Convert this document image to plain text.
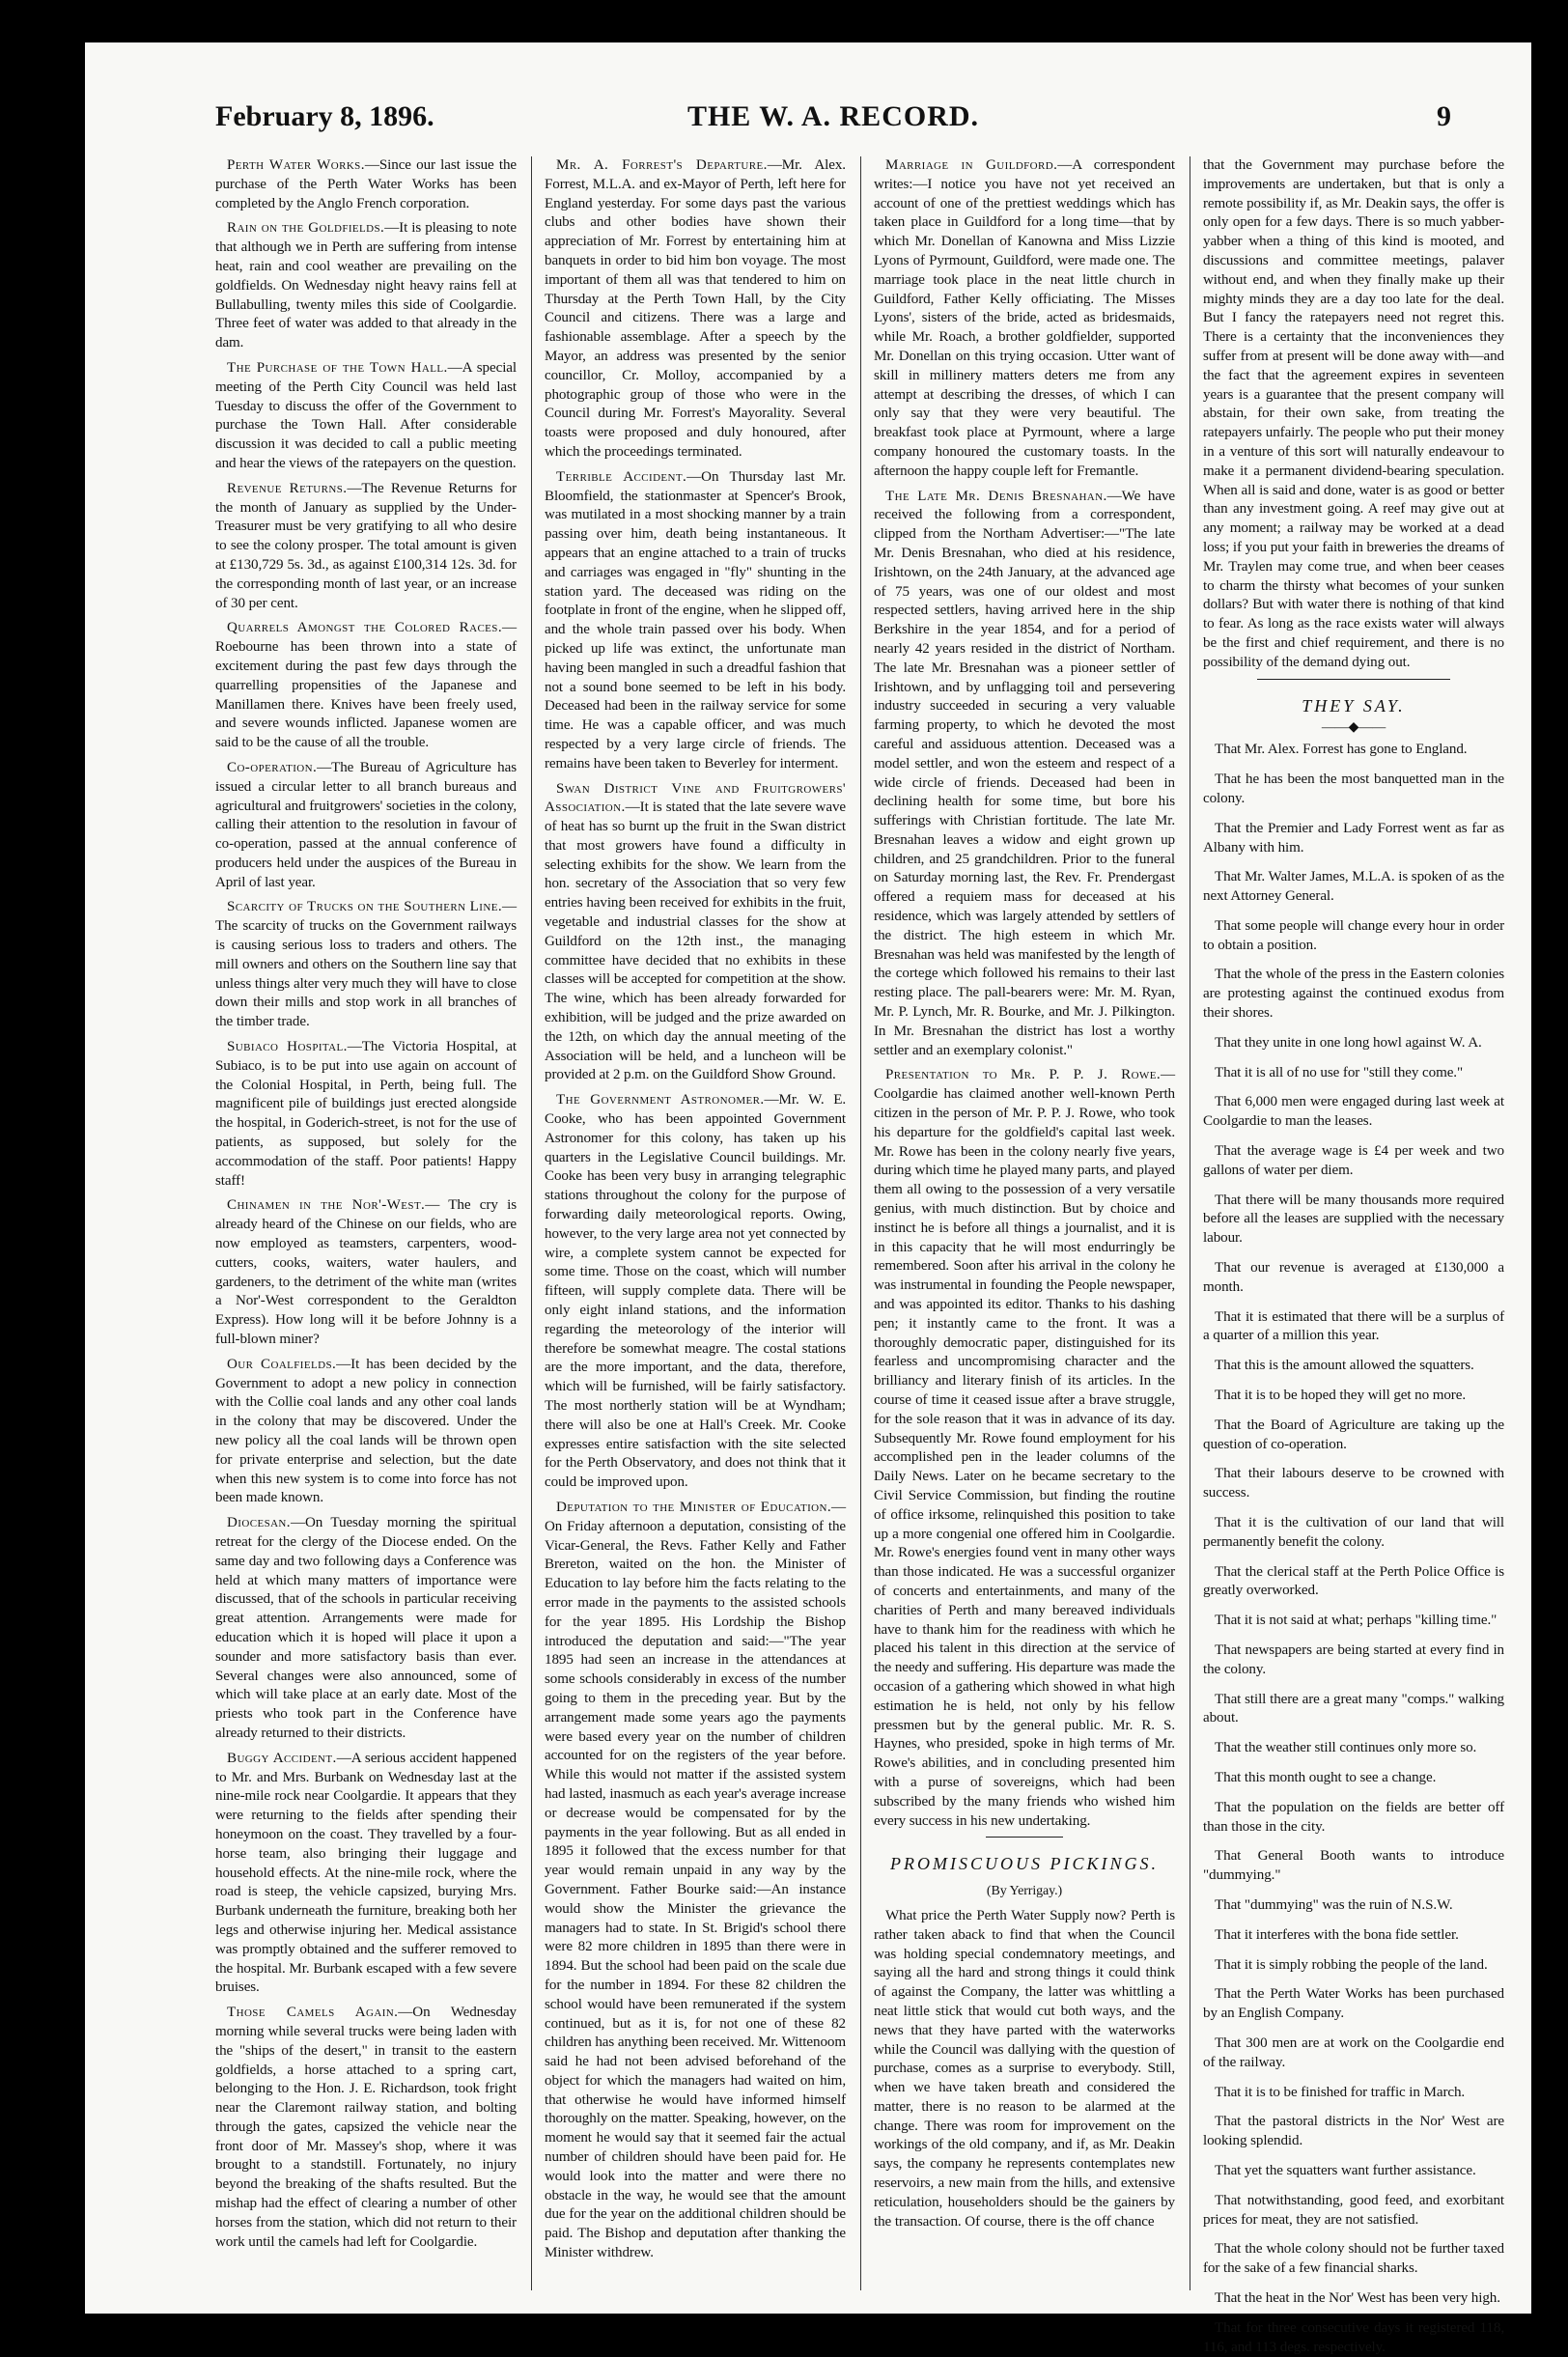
THE W. A. RECORD.
February 8, 1896.	9

Perth Water Works.—Since our last issue the purchase of the Perth Water Works has been completed by the Anglo French corporation.

Rain on the Goldfields.—It is pleasing to note that although we in Perth are suffering from intense heat, rain and cool weather are prevailing on the goldfields. On Wednesday night heavy rains fell at Bullabulling, twenty miles this side of Coolgardie. Three feet of water was added to that already in the dam.

The Purchase of the Town Hall.—A special meeting of the Perth City Council was held last Tuesday to discuss the offer of the Government to purchase the Town Hall. After considerable discussion it was decided to call a public meeting and hear the views of the ratepayers on the question.

Revenue Returns.—The Revenue Returns for the month of January as supplied by the Under-Treasurer must be very gratifying to all who desire to see the colony prosper. The total amount is given at £130,729 5s. 3d., as against £100,314 12s. 3d. for the corresponding month of last year, or an increase of 30 per cent.

Quarrels Amongst the Colored Races.—Roebourne has been thrown into a state of excitement during the past few days through the quarrelling propensities of the Japanese and Manillamen there. Knives have been freely used, and severe wounds inflicted. Japanese women are said to be the cause of all the trouble.

Co-operation.—The Bureau of Agriculture has issued a circular letter to all branch bureaus and agricultural and fruitgrowers' societies in the colony, calling their attention to the resolution in favour of co-operation, passed at the annual conference of producers held under the auspices of the Bureau in April of last year.

Scarcity of Trucks on the Southern Line.—The scarcity of trucks on the Government railways is causing serious loss to traders and others. The mill owners and others on the Southern line say that unless things alter very much they will have to close down their mills and stop work in all branches of the timber trade.

Subiaco Hospital.—The Victoria Hospital, at Subiaco, is to be put into use again on account of the Colonial Hospital, in Perth, being full. The magnificent pile of buildings just erected alongside the hospital, in Goderich-street, is not for the use of patients, as supposed, but solely for the accommodation of the staff. Poor patients! Happy staff!

Chinamen in the Nor'-West.— The cry is already heard of the Chinese on our fields, who are now employed as teamsters, carpenters, wood-cutters, cooks, waiters, water haulers, and gardeners, to the detriment of the white man (writes a Nor'-West correspondent to the Geraldton Express). How long will it be before Johnny is a full-blown miner?

Our Coalfields.—It has been decided by the Government to adopt a new policy in connection with the Collie coal lands and any other coal lands in the colony that may be discovered. Under the new policy all the coal lands will be thrown open for private enterprise and selection, but the date when this new system is to come into force has not been made known.

Diocesan.—On Tuesday morning the spiritual retreat for the clergy of the Diocese ended. On the same day and two following days a Conference was held at which many matters of importance were discussed, that of the schools in particular receiving great attention. Arrangements were made for education which it is hoped will place it upon a sounder and more satisfactory basis than ever. Several changes were also announced, some of which will take place at an early date. Most of the priests who took part in the Conference have already returned to their districts.

Buggy Accident.—A serious accident happened to Mr. and Mrs. Burbank on Wednesday last at the nine-mile rock near Coolgardie. It appears that they were returning to the fields after spending their honeymoon on the coast. They travelled by a four-horse team, also bringing their luggage and household effects. At the nine-mile rock, where the road is steep, the vehicle capsized, burying Mrs. Burbank underneath the furniture, breaking both her legs and otherwise injuring her. Medical assistance was promptly obtained and the sufferer removed to the hospital. Mr. Burbank escaped with a few severe bruises.

Those Camels Again.—On Wednesday morning while several trucks were being laden with the "ships of the desert," in transit to the eastern goldfields, a horse attached to a spring cart, belonging to the Hon. J. E. Richardson, took fright near the Claremont railway station, and bolting through the gates, capsized the vehicle near the front door of Mr. Massey's shop, where it was brought to a standstill. Fortunately, no injury beyond the breaking of the shafts resulted. But the mishap had the effect of clearing a number of other horses from the station, which did not return to their work until the camels had left for Coolgardie.

Mr. A. Forrest's Departure.—Mr. Alex. Forrest, M.L.A. and ex-Mayor of Perth, left here for England yesterday. For some days past the various clubs and other bodies have shown their appreciation of Mr. Forrest by entertaining him at banquets in order to bid him bon voyage. The most important of them all was that tendered to him on Thursday at the Perth Town Hall, by the City Council and citizens. There was a large and fashionable assemblage. After a speech by the Mayor, an address was presented by the senior councillor, Cr. Molloy, accompanied by a photographic group of those who were in the Council during Mr. Forrest's Mayorality. Several toasts were proposed and duly honoured, after which the proceedings terminated.

Terrible Accident.—On Thursday last Mr. Bloomfield, the stationmaster at Spencer's Brook, was mutilated in a most shocking manner by a train passing over him, death being instantaneous. It appears that an engine attached to a train of trucks and carriages was engaged in "fly" shunting in the station yard. The deceased was riding on the footplate in front of the engine, when he slipped off, and the whole train passed over his body. When picked up life was extinct, the unfortunate man having been mangled in such a dreadful fashion that not a sound bone seemed to be left in his body. Deceased had been in the railway service for some time. He was a capable officer, and was much respected by a very large circle of friends. The remains have been taken to Beverley for interment.

Swan District Vine and Fruitgrowers' Association.—It is stated that the late severe wave of heat has so burnt up the fruit in the Swan district that most growers have found a difficulty in selecting exhibits for the show. We learn from the hon. secretary of the Association that so very few entries having been received for exhibits in the fruit, vegetable and industrial classes for the show at Guildford on the 12th inst., the managing committee have decided that no exhibits in these classes will be accepted for competition at the show. The wine, which has been already forwarded for exhibition, will be judged and the prize awarded on the 12th, on which day the annual meeting of the Association will be held, and a luncheon will be provided at 2 p.m. on the Guildford Show Ground.

The Government Astronomer.—Mr. W. E. Cooke, who has been appointed Government Astronomer for this colony, has taken up his quarters in the Legislative Council buildings. Mr. Cooke has been very busy in arranging telegraphic stations throughout the colony for the purpose of forwarding daily meteorological reports. Owing, however, to the very large area not yet connected by wire, a complete system cannot be expected for some time. Those on the coast, which will number fifteen, will supply complete data. There will be only eight inland stations, and the information regarding the meteorology of the interior will therefore be somewhat meagre. The costal stations are the more important, and the data, therefore, which will be furnished, will be fairly satisfactory. The most northerly station will be at Wyndham; there will also be one at Hall's Creek. Mr. Cooke expresses entire satisfaction with the site selected for the Perth Observatory, and does not think that it could be improved upon.

Deputation to the Minister of Education.—On Friday afternoon a deputation, consisting of the Vicar-General, the Revs. Father Kelly and Father Brereton, waited on the hon. the Minister of Education to lay before him the facts relating to the error made in the payments to the assisted schools for the year 1895. His Lordship the Bishop introduced the deputation and said:—"The year 1895 had seen an increase in the attendances at some schools considerably in excess of the number going to them in the preceding year. But by the arrangement made some years ago the payments were based every year on the number of children accounted for on the registers of the year before. While this would not matter if the assisted system had lasted, inasmuch as each year's average increase or decrease would be compensated for by the payments in the year following. But as all ended in 1895 it followed that the excess number for that year would remain unpaid in any way by the Government. Father Bourke said:—An instance would show the Minister the grievance the managers had to state. In St. Brigid's school there were 82 more children in 1895 than there were in 1894. But the school had been paid on the scale due for the number in 1894. For these 82 children the school would have been remunerated if the system continued, but as it is, for not one of these 82 children has anything been received. Mr. Wittenoom said he had not been advised beforehand of the object for which the managers had waited on him, that otherwise he would have informed himself thoroughly on the matter. Speaking, however, on the moment he would say that it seemed fair the actual number of children should have been paid for. He would look into the matter and were there no obstacle in the way, he would see that the amount due for the year on the additional children should be paid. The Bishop and deputation after thanking the Minister withdrew.

Marriage in Guildford.—A correspondent writes:—I notice you have not yet received an account of one of the prettiest weddings which has taken place in Guildford for a long time—that by which Mr. Donellan of Kanowna and Miss Lizzie Lyons of Pyrmount, Guildford, were made one. The marriage took place in the neat little church in Guildford, Father Kelly officiating. The Misses Lyons', sisters of the bride, acted as bridesmaids, while Mr. Roach, a brother goldfielder, supported Mr. Donellan on this trying occasion. Utter want of skill in millinery matters deters me from any attempt at describing the dresses, of which I can only say that they were very beautiful. The breakfast took place at Pyrmount, where a large company honoured the customary toasts. In the afternoon the happy couple left for Fremantle.

The Late Mr. Denis Bresnahan.—We have received the following from a correspondent, clipped from the Northam Advertiser:—"The late Mr. Denis Bresnahan, who died at his residence, Irishtown, on the 24th January, at the advanced age of 75 years, was one of our oldest and most respected settlers, having arrived here in the ship Berkshire in the year 1854, and for a period of nearly 42 years resided in the district of Northam. The late Mr. Bresnahan was a pioneer settler of Irishtown, and by unflagging toil and persevering industry succeeded in securing a very valuable farming property, to which he devoted the most careful and assiduous attention. Deceased was a model settler, and won the esteem and respect of a wide circle of friends. Deceased had been in declining health for some time, but bore his sufferings with Christian fortitude. The late Mr. Bresnahan leaves a widow and eight grown up children, and 25 grandchildren. Prior to the funeral on Saturday morning last, the Rev. Fr. Prendergast offered a requiem mass for deceased at his residence, which was largely attended by settlers of the district. The high esteem in which Mr. Bresnahan was held was manifested by the length of the cortege which followed his remains to their last resting place. The pall-bearers were: Mr. M. Ryan, Mr. P. Lynch, Mr. R. Bourke, and Mr. J. Pilkington. In Mr. Bresnahan the district has lost a worthy settler and an exemplary colonist."

Presentation to Mr. P. P. J. Rowe.—Coolgardie has claimed another well-known Perth citizen in the person of Mr. P. P. J. Rowe, who took his departure for the goldfield's capital last week. Mr. Rowe has been in the colony nearly five years, during which time he played many parts, and played them all owing to the possession of a very versatile genius, with much distinction. But by choice and instinct he is before all things a journalist, and it is in this capacity that he will most endurringly be remembered. Soon after his arrival in the colony he was instrumental in founding the People newspaper, and was appointed its editor. Thanks to his dashing pen; it instantly came to the front. It was a thoroughly democratic paper, distinguished for its fearless and uncompromising character and the brilliancy and literary finish of its articles. In the course of time it ceased issue after a brave struggle, for the sole reason that it was in advance of its day. Subsequently Mr. Rowe found employment for his accomplished pen in the leader columns of the Daily News. Later on he became secretary to the Civil Service Commission, but finding the routine of office irksome, relinquished this position to take up a more congenial one offered him in Coolgardie. Mr. Rowe's energies found vent in many other ways than those indicated. He was a successful organizer of concerts and entertainments, and many of the charities of Perth and many bereaved individuals have to thank him for the readiness with which he placed his talent in this direction at the service of the needy and suffering. His departure was made the occasion of a gathering which showed in what high estimation he is held, not only by his fellow pressmen but by the general public. Mr. R. S. Haynes, who presided, spoke in high terms of Mr. Rowe's abilities, and in concluding presented him with a purse of sovereigns, which had been subscribed by the many friends who wished him every success in his new undertaking.

PROMISCUOUS PICKINGS.

(By Yerrigay.)

What price the Perth Water Supply now? Perth is rather taken aback to find that when the Council was holding special condemnatory meetings, and saying all the hard and strong things it could think of against the Company, the latter was whittling a neat little stick that would cut both ways, and the news that they have parted with the waterworks while the Council was dallying with the question of purchase, comes as a surprise to everybody. Still, when we have taken breath and considered the matter, there is no reason to be alarmed at the change. There was room for improvement on the workings of the old company, and if, as Mr. Deakin says, the company he represents contemplates new reservoirs, a new main from the hills, and extensive reticulation, householders should be the gainers by the transaction. Of course, there is the off chance

that the Government may purchase before the improvements are undertaken, but that is only a remote possibility if, as Mr. Deakin says, the offer is only open for a few days. There is so much yabber-yabber when a thing of this kind is mooted, and discussions and committee meetings, palaver without end, and when they finally make up their mighty minds they are a day too late for the deal. But I fancy the ratepayers need not regret this. There is a certainty that the inconveniences they suffer from at present will be done away with—and the fact that the agreement expires in seventeen years is a guarantee that the present company will abstain, for their own sake, from treating the ratepayers unfairly. The people who put their money in a venture of this sort will naturally endeavour to make it a permanent dividend-bearing speculation. When all is said and done, water is as good or better than any investment going. A reef may give out at any moment; a railway may be worked at a dead loss; if you put your faith in breweries the dreams of Mr. Traylen may come true, and when beer ceases to charm the thirsty what becomes of your sunken dollars? But with water there is nothing of that kind to fear. As long as the race exists water will always be the first and chief requirement, and there is no possibility of the demand dying out.

THEY SAY.

——◆——

That Mr. Alex. Forrest has gone to England.

That he has been the most banquetted man in the colony.

That the Premier and Lady Forrest went as far as Albany with him.

That Mr. Walter James, M.L.A. is spoken of as the next Attorney General.

That some people will change every hour in order to obtain a position.

That the whole of the press in the Eastern colonies are protesting against the continued exodus from their shores.

That they unite in one long howl against W. A.

That it is all of no use for "still they come."

That 6,000 men were engaged during last week at Coolgardie to man the leases.

That the average wage is £4 per week and two gallons of water per diem.

That there will be many thousands more required before all the leases are supplied with the necessary labour.

That our revenue is averaged at £130,000 a month.

That it is estimated that there will be a surplus of a quarter of a million this year.

That this is the amount allowed the squatters.

That it is to be hoped they will get no more.

That the Board of Agriculture are taking up the question of co-operation.

That their labours deserve to be crowned with success.

That it is the cultivation of our land that will permanently benefit the colony.

That the clerical staff at the Perth Police Office is greatly overworked.

That it is not said at what; perhaps "killing time."

That newspapers are being started at every find in the colony.

That still there are a great many "comps." walking about.

That the weather still continues only more so.

That this month ought to see a change.

That the population on the fields are better off than those in the city.

That General Booth wants to introduce "dummying."

That "dummying" was the ruin of N.S.W.

That it interferes with the bona fide settler.

That it is simply robbing the people of the land.

That the Perth Water Works has been purchased by an English Company.

That 300 men are at work on the Coolgardie end of the railway.

That it is to be finished for traffic in March.

That the pastoral districts in the Nor' West are looking splendid.

That yet the squatters want further assistance.

That notwithstanding, good feed, and exorbitant prices for meat, they are not satisfied.

That the whole colony should not be further taxed for the sake of a few financial sharks.

That the heat in the Nor' West has been very high.

That for three consecutive days it registered 118, 116, and 113 degs. respectively.
